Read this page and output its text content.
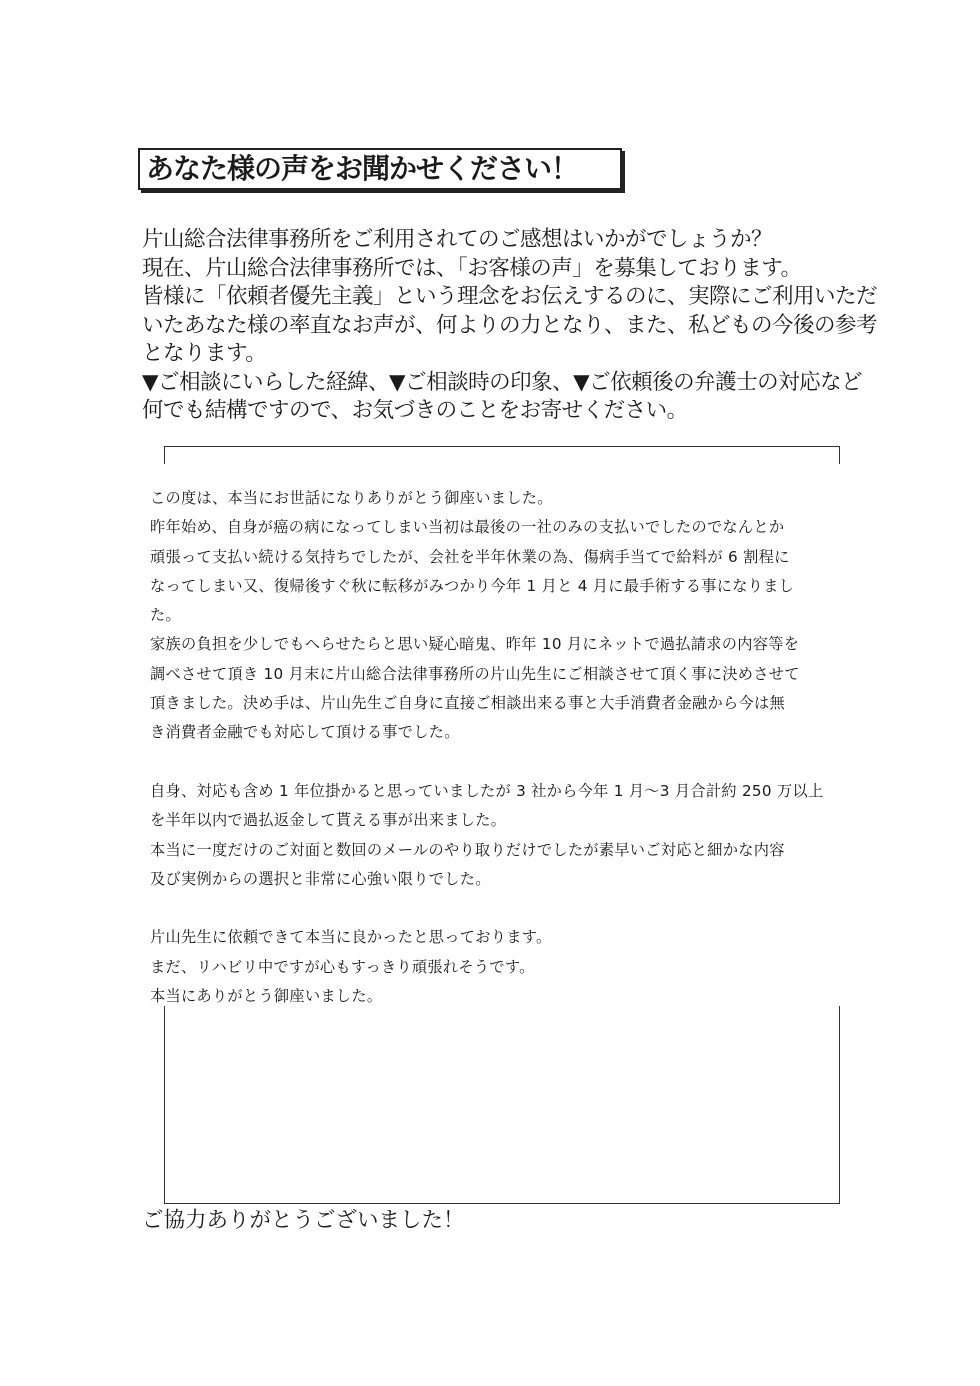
あなた様の声をお聞かせください！
片山総合法律事務所をご利用されてのご感想はいかがでしょうか？
現在、片山総合法律事務所では、「お客様の声」を募集しております。
皆様に「依頼者優先主義」という理念をお伝えするのに、実際にご利用いただ
いたあなた様の率直なお声が、何よりの力となり、また、私どもの今後の参考
となります。
▼ご相談にいらした経緯、▼ご相談時の印象、▼ご依頼後の弁護士の対応など
何でも結構ですので、お気づきのことをお寄せください。
この度は、本当にお世話になりありがとう御座いました。
昨年始め、自身が癌の病になってしまい当初は最後の一社のみの支払いでしたのでなんとか
頑張って支払い続ける気持ちでしたが、会社を半年休業の為、傷病手当てで給料が 6 割程に
なってしまい又、復帰後すぐ秋に転移がみつかり今年 1 月と 4 月に最手術する事になりまし
た。
家族の負担を少しでもへらせたらと思い疑心暗鬼、昨年 10 月にネットで過払請求の内容等を
調べさせて頂き 10 月末に片山総合法律事務所の片山先生にご相談させて頂く事に決めさせて
頂きました。決め手は、片山先生ご自身に直接ご相談出来る事と大手消費者金融から今は無
き消費者金融でも対応して頂ける事でした。
自身、対応も含め 1 年位掛かると思っていましたが 3 社から今年 1 月～3 月合計約 250 万以上
を半年以内で過払返金して貰える事が出来ました。
本当に一度だけのご対面と数回のメールのやり取りだけでしたが素早いご対応と細かな内容
及び実例からの選択と非常に心強い限りでした。
片山先生に依頼できて本当に良かったと思っております。
まだ、リハビリ中ですが心もすっきり頑張れそうです。
本当にありがとう御座いました。
ご協力ありがとうございました！
